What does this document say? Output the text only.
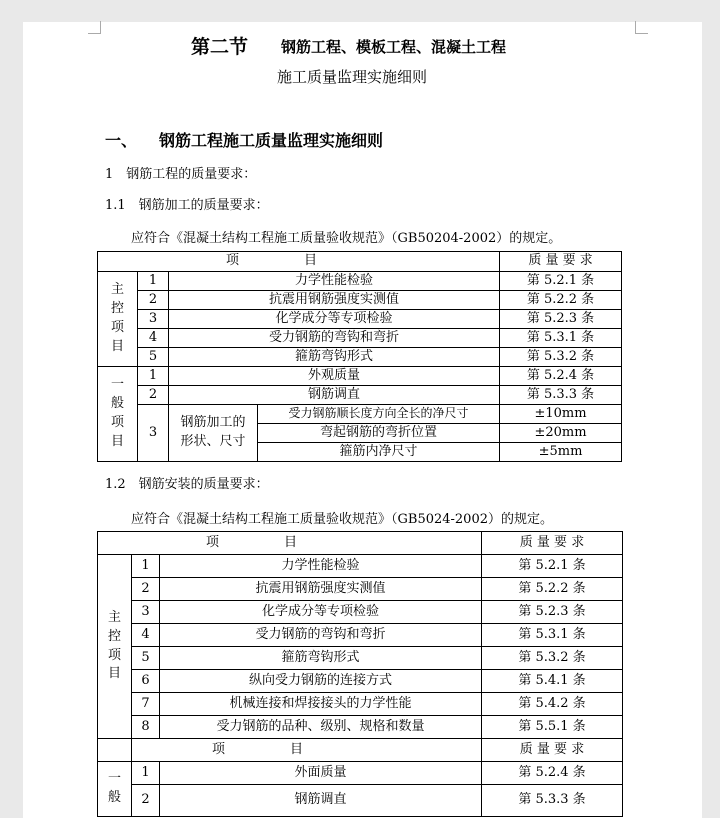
第二节 钢筋工程、模板工程、混凝土工程
施工质量监理实施细则
一、 钢筋工程施工质量监理实施细则
1　钢筋工程的质量要求：
1.1　钢筋加工的质量要求：
应符合《混凝土结构工程施工质量验收规范》（GB50204-2002）的规定。
项　　　　　目				质 量 要 求

主控项目	1	力学性能检验		第 5.2.1 条
	2	抗震用钢筋强度实测值		第 5.2.2 条
	3	化学成分等专项检验		第 5.2.3 条
	4	受力钢筋的弯钩和弯折		第 5.3.1 条
	5	箍筋弯钩形式		第 5.3.2 条

一般项目	1	外观质量		第 5.2.4 条
	2	钢筋调直		第 5.3.3 条
	3	钢筋加工的形状、尺寸	受力钢筋顺长度方向全长的净尺寸	±10mm
			弯起钢筋的弯折位置	±20mm
			箍筋内净尺寸	±5mm
1.2　钢筋安装的质量要求：
应符合《混凝土结构工程施工质量验收规范》（GB5024-2002）的规定。
项　　　　　目			质 量 要 求

主控项目	1	力学性能检验	第 5.2.1 条
	2	抗震用钢筋强度实测值	第 5.2.2 条
	3	化学成分等专项检验	第 5.2.3 条
	4	受力钢筋的弯钩和弯折	第 5.3.1 条
	5	箍筋弯钩形式	第 5.3.2 条
	6	纵向受力钢筋的连接方式	第 5.4.1 条
	7	机械连接和焊接接头的力学性能	第 5.4.2 条
	8	受力钢筋的品种、级别、规格和数量	第 5.5.1 条
	项　　　　　目		质 量 要 求

一般	1	外面质量	第 5.2.4 条
	2	钢筋调直	第 5.3.3 条
